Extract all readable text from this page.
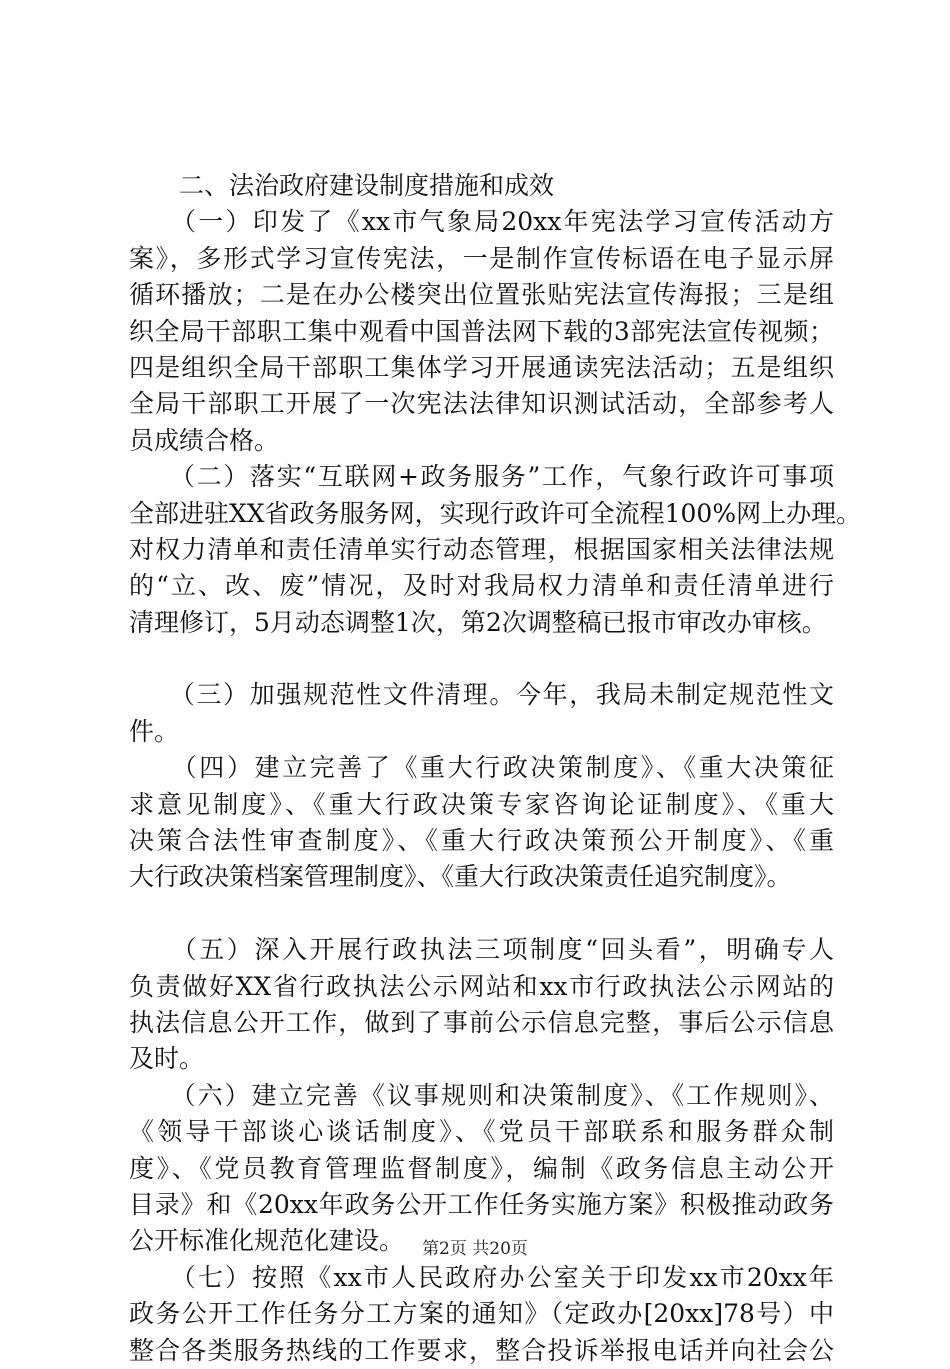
　　二、法治政府建设制度措施和成效
　　（一）印发了《xx市气象局20xx年宪法学习宣传活动方
案》，多形式学习宣传宪法，一是制作宣传标语在电子显示屏
循环播放；二是在办公楼突出位置张贴宪法宣传海报；三是组
织全局干部职工集中观看中国普法网下载的3部宪法宣传视频；
四是组织全局干部职工集体学习开展通读宪法活动；五是组织
全局干部职工开展了一次宪法法律知识测试活动，全部参考人
员成绩合格。
　　（二）落实“互联网+政务服务”工作，气象行政许可事项
全部进驻XX省政务服务网，实现行政许可全流程100%网上办理。
对权力清单和责任清单实行动态管理，根据国家相关法律法规
的“立、改、废”情况，及时对我局权力清单和责任清单进行
清理修订，5月动态调整1次，第2次调整稿已报市审改办审核。
　　（三）加强规范性文件清理。今年，我局未制定规范性文
件。
　　（四）建立完善了《重大行政决策制度》、《重大决策征
求意见制度》、《重大行政决策专家咨询论证制度》、《重大
决策合法性审查制度》、《重大行政决策预公开制度》、《重
大行政决策档案管理制度》、《重大行政决策责任追究制度》。
　　（五）深入开展行政执法三项制度“回头看”，明确专人
负责做好XX省行政执法公示网站和xx市行政执法公示网站的
执法信息公开工作，做到了事前公示信息完整，事后公示信息
及时。
　　（六）建立完善《议事规则和决策制度》、《工作规则》、
《领导干部谈心谈话制度》、《党员干部联系和服务群众制
度》、《党员教育管理监督制度》，编制《政务信息主动公开
目录》和《20xx年政务公开工作任务实施方案》积极推动政务
公开标准化规范化建设。
　　（七）按照《xx市人民政府办公室关于印发xx市20xx年
政务公开工作任务分工方案的通知》（定政办[20xx]78号）中
整合各类服务热线的工作要求，整合投诉举报电话并向社会公
第2页 共20页
